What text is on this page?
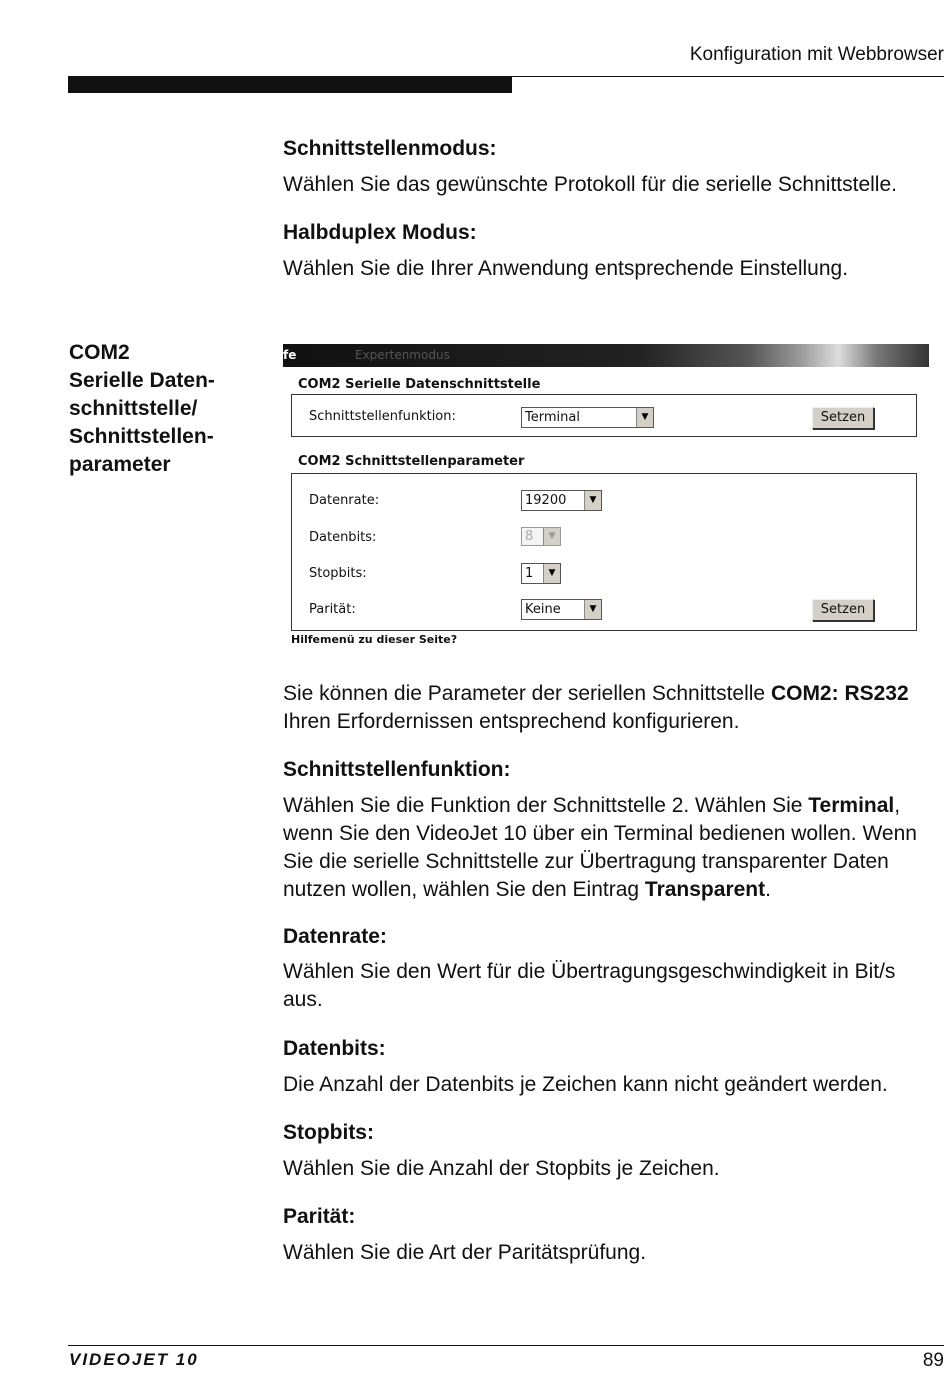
Konfiguration mit Webbrowser
Schnittstellenmodus:
Wählen Sie das gewünschte Protokoll für die serielle Schnittstelle.
Halbduplex Modus:
Wählen Sie die Ihrer Anwendung entsprechende Einstellung.
COM2
Serielle Daten-
schnittstelle/
Schnittstellen-
parameter
fe	Expertenmodus
COM2 Serielle Datenschnittstelle
Schnittstellenfunktion:	Terminal	▼	Setzen
COM2 Schnittstellenparameter
Datenrate:	19200	▼
Datenbits:	8	▼
Stopbits:	1	▼
Parität:	Keine	▼	Setzen
Hilfemenü zu dieser Seite?
Sie können die Parameter der seriellen Schnittstelle COM2: RS232 Ihren Erfordernissen entsprechend konfigurieren.
Schnittstellenfunktion:
Wählen Sie die Funktion der Schnittstelle 2. Wählen Sie Terminal, wenn Sie den VideoJet 10 über ein Terminal bedienen wollen. Wenn Sie die serielle Schnittstelle zur Übertragung transparenter Daten nutzen wollen, wählen Sie den Eintrag Transparent.
Datenrate:
Wählen Sie den Wert für die Übertragungsgeschwindigkeit in Bit/s aus.
Datenbits:
Die Anzahl der Datenbits je Zeichen kann nicht geändert werden.
Stopbits:
Wählen Sie die Anzahl der Stopbits je Zeichen.
Parität:
Wählen Sie die Art der Paritätsprüfung.
VIDEOJET 10	89
